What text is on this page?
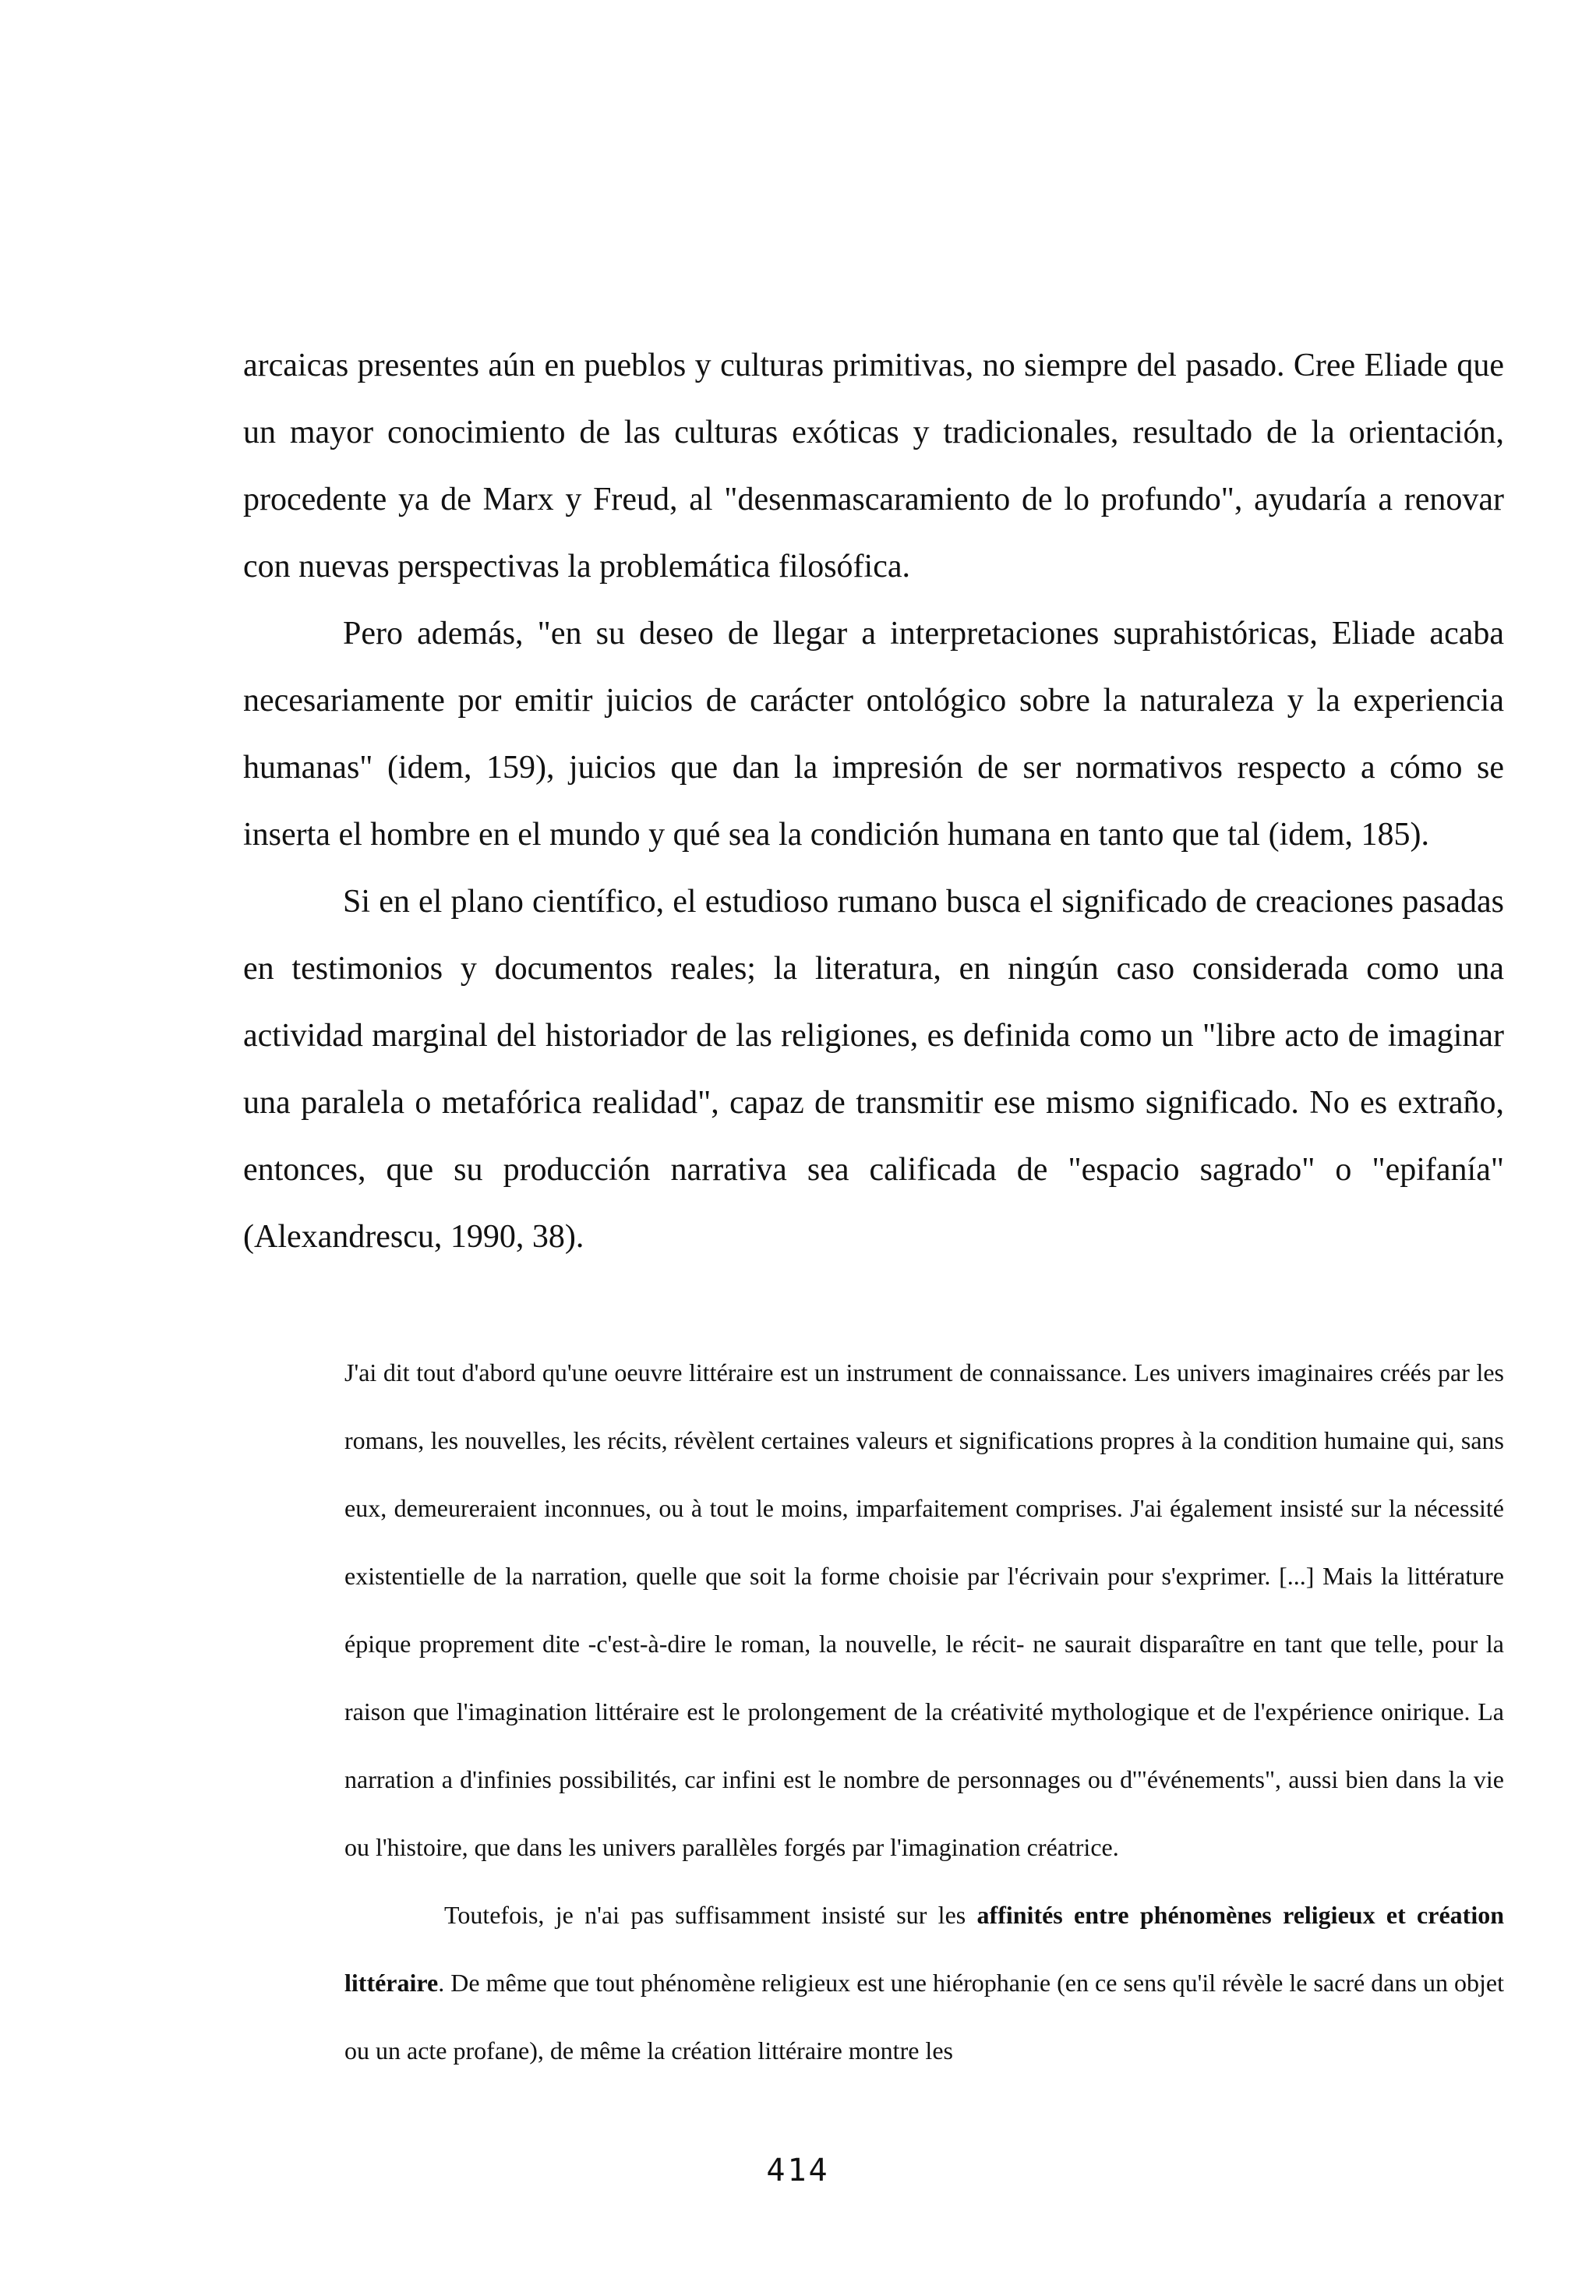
arcaicas presentes aún en pueblos y culturas primitivas, no siempre del pasado. Cree Eliade que un mayor conocimiento de las culturas exóticas y tradicionales, resultado de la orientación, procedente ya de Marx y Freud, al "desenmascaramiento de lo profundo", ayudaría a renovar con nuevas perspectivas la problemática filosófica.

Pero además, "en su deseo de llegar a interpretaciones suprahistóricas, Eliade acaba necesariamente por emitir juicios de carácter ontológico sobre la naturaleza y la experiencia humanas" (idem, 159), juicios que dan la impresión de ser normativos respecto a cómo se inserta el hombre en el mundo y qué sea la condición humana en tanto que tal (idem, 185).

Si en el plano científico, el estudioso rumano busca el significado de creaciones pasadas en testimonios y documentos reales; la literatura, en ningún caso considerada como una actividad marginal del historiador de las religiones, es definida como un "libre acto de imaginar una paralela o metafórica realidad", capaz de transmitir ese mismo significado. No es extraño, entonces, que su producción narrativa sea calificada de "espacio sagrado" o "epifanía" (Alexandrescu, 1990, 38).

J'ai dit tout d'abord qu'une oeuvre littéraire est un instrument de connaissance. Les univers imaginaires créés par les romans, les nouvelles, les récits, révèlent certaines valeurs et significations propres à la condition humaine qui, sans eux, demeureraient inconnues, ou à tout le moins, imparfaitement comprises. J'ai également insisté sur la nécessité existentielle de la narration, quelle que soit la forme choisie par l'écrivain pour s'exprimer. [...] Mais la littérature épique proprement dite -c'est-à-dire le roman, la nouvelle, le récit- ne saurait disparaître en tant que telle, pour la raison que l'imagination littéraire est le prolongement de la créativité mythologique et de l'expérience onirique. La narration a d'infinies possibilités, car infini est le nombre de personnages ou d'"événements", aussi bien dans la vie ou l'histoire, que dans les univers parallèles forgés par l'imagination créatrice.

Toutefois, je n'ai pas suffisamment insisté sur les affinités entre phénomènes religieux et création littéraire. De même que tout phénomène religieux est une hiérophanie (en ce sens qu'il révèle le sacré dans un objet ou un acte profane), de même la création littéraire montre les

414
